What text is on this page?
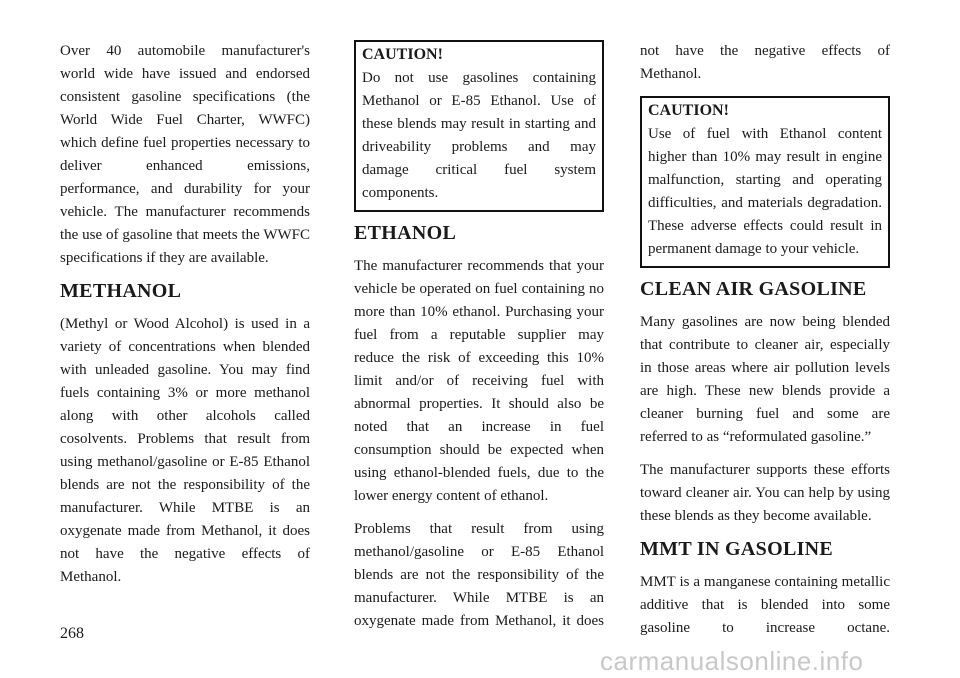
Over 40 automobile manufacturer's world wide have issued and endorsed consistent gasoline specifications (the World Wide Fuel Charter, WWFC) which define fuel properties necessary to deliver enhanced emissions, performance, and durability for your vehicle. The manufacturer recommends the use of gasoline that meets the WWFC specifications if they are available.

METHANOL

(Methyl or Wood Alcohol) is used in a variety of concentrations when blended with unleaded gasoline. You may find fuels containing 3% or more methanol along with other alcohols called cosolvents. Problems that result from using methanol/gasoline or E-85 Ethanol blends are not the responsibility of the manufacturer. While MTBE is an oxygenate made from Methanol, it does not have the negative effects of Methanol.

CAUTION!

Do not use gasolines containing Methanol or E-85 Ethanol. Use of these blends may result in starting and driveability problems and may damage critical fuel system components.

ETHANOL

The manufacturer recommends that your vehicle be operated on fuel containing no more than 10% ethanol. Purchasing your fuel from a reputable supplier may reduce the risk of exceeding this 10% limit and/or of receiving fuel with abnormal properties. It should also be noted that an increase in fuel consumption should be expected when using ethanol-blended fuels, due to the lower energy content of ethanol.

Problems that result from using methanol/gasoline or E-85 Ethanol blends are not the responsibility of the manufacturer. While MTBE is an oxygenate made from Methanol, it does

not have the negative effects of Methanol.

CAUTION!

Use of fuel with Ethanol content higher than 10% may result in engine malfunction, starting and operating difficulties, and materials degradation. These adverse effects could result in permanent damage to your vehicle.

CLEAN AIR GASOLINE

Many gasolines are now being blended that contribute to cleaner air, especially in those areas where air pollution levels are high. These new blends provide a cleaner burning fuel and some are referred to as “reformulated gasoline.”

The manufacturer supports these efforts toward cleaner air. You can help by using these blends as they become available.

MMT IN GASOLINE

MMT is a manganese containing metallic additive that is blended into some gasoline to increase octane.

268
carmanualsonline.info
